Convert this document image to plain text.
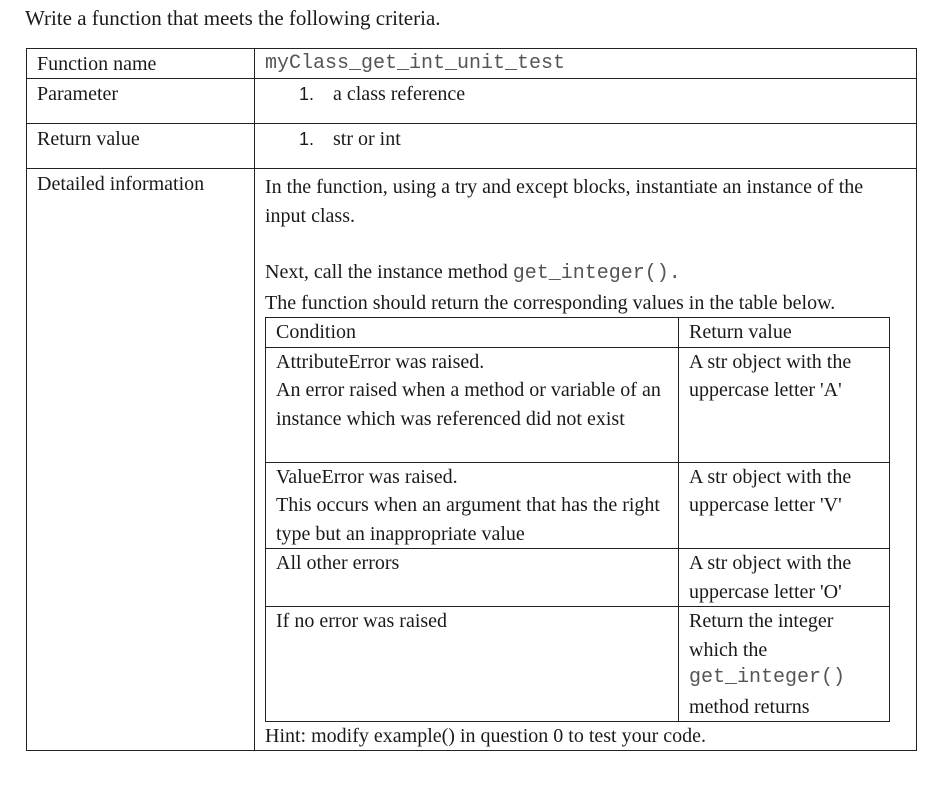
Write a function that meets the following criteria.
Function name	myClass_get_int_unit_test
Parameter	1. a class reference
Return value	1. str or int
Detailed information	In the function, using a try and except blocks, instantiate an instance of the input class.

Next, call the instance method get_integer().

The function should return the corresponding values in the table below.

Condition	Return value

AttributeError was raised.
An error raised when a method or variable of an instance which was referenced did not exist
	A str object with the uppercase letter 'A'

ValueError was raised.
This occurs when an argument that has the right type but an inappropriate value
	A str object with the uppercase letter 'V'

All other errors	A str object with the uppercase letter 'O'

If no error was raised	Return the integer which the
get_integer()
method returns
Hint: modify example() in question 0 to test your code.
